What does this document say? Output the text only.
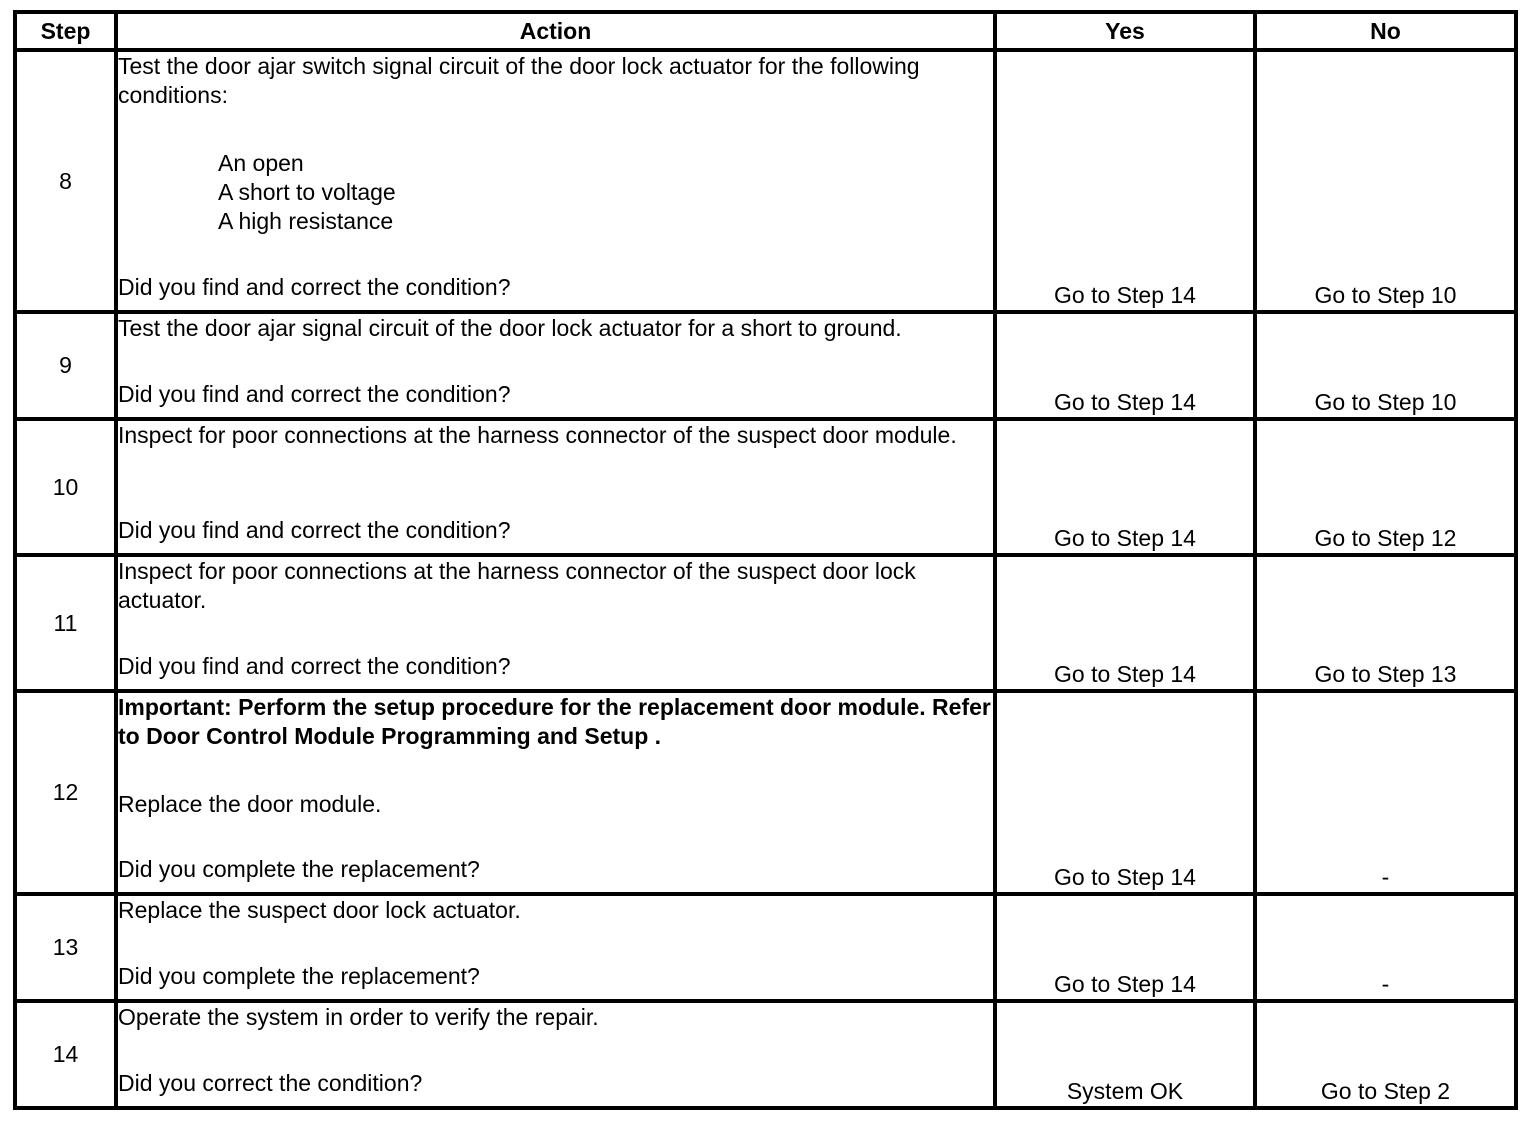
Step	Action	Yes	No
8	Test the door ajar switch signal circuit of the door lock actuator for the following conditions:
An open
A short to voltage
A high resistance
Did you find and correct the condition?	Go to Step 14	Go to Step 10
9	Test the door ajar signal circuit of the door lock actuator for a short to ground.
Did you find and correct the condition?	Go to Step 14	Go to Step 10
10	Inspect for poor connections at the harness connector of the suspect door module.
Did you find and correct the condition?	Go to Step 14	Go to Step 12
11	Inspect for poor connections at the harness connector of the suspect door lock actuator.
Did you find and correct the condition?	Go to Step 14	Go to Step 13
12	Important: Perform the setup procedure for the replacement door module. Refer to Door Control Module Programming and Setup .
Replace the door module.
Did you complete the replacement?	Go to Step 14	-
13	Replace the suspect door lock actuator.
Did you complete the replacement?	Go to Step 14	-
14	Operate the system in order to verify the repair.
Did you correct the condition?	System OK	Go to Step 2
